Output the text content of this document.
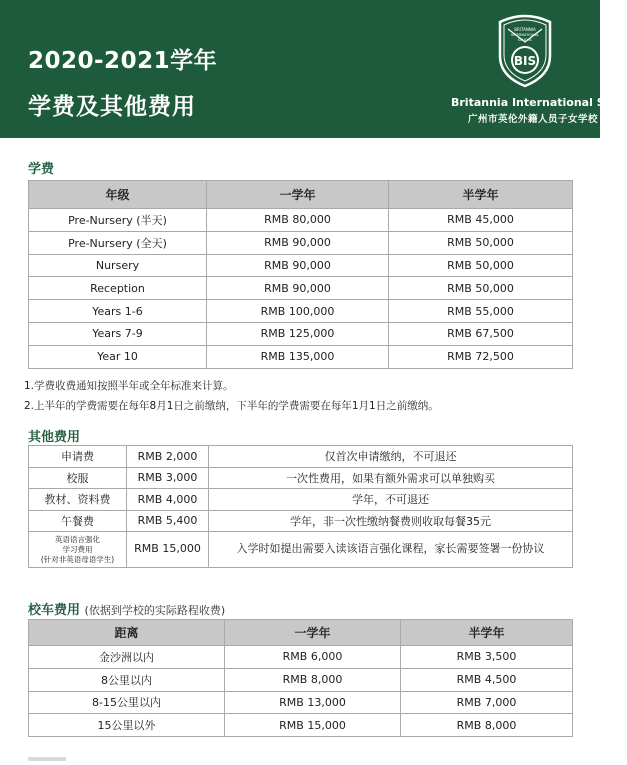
2020-2021学年
学费及其他费用
BRITANNIA
INTERNATIONAL
SCHOOL
BIS
Britannia International Scho
广州市英伦外籍人员子女学校
学费
年级	一学年	半学年
Pre-Nursery (半天)	RMB 80,000	RMB 45,000
Pre-Nursery (全天)	RMB 90,000	RMB 50,000
Nursery	RMB 90,000	RMB 50,000
Reception	RMB 90,000	RMB 50,000
Years 1-6	RMB 100,000	RMB 55,000
Years 7-9	RMB 125,000	RMB 67,500
Year 10	RMB 135,000	RMB 72,500
1.学费收费通知按照半年或全年标准来计算。
2.上半年的学费需要在每年8月1日之前缴纳，下半年的学费需要在每年1月1日之前缴纳。
其他费用
申请费	RMB 2,000	仅首次申请缴纳，不可退还
校服	RMB 3,000	一次性费用，如果有额外需求可以单独购买
教材、资料费	RMB 4,000	学年，不可退还
午餐费	RMB 5,400	学年，非一次性缴纳餐费则收取每餐35元

英语语言强化
学习费用
(针对非英语母语学生)	RMB 15,000	入学时如提出需要入读该语言强化课程，家长需要签署一份协议
校车费用 (依据到学校的实际路程收费)
距离	一学年	半学年
金沙洲以内	RMB 6,000	RMB 3,500
8公里以内	RMB 8,000	RMB 4,500
8-15公里以内	RMB 13,000	RMB 7,000
15公里以外	RMB 15,000	RMB 8,000
